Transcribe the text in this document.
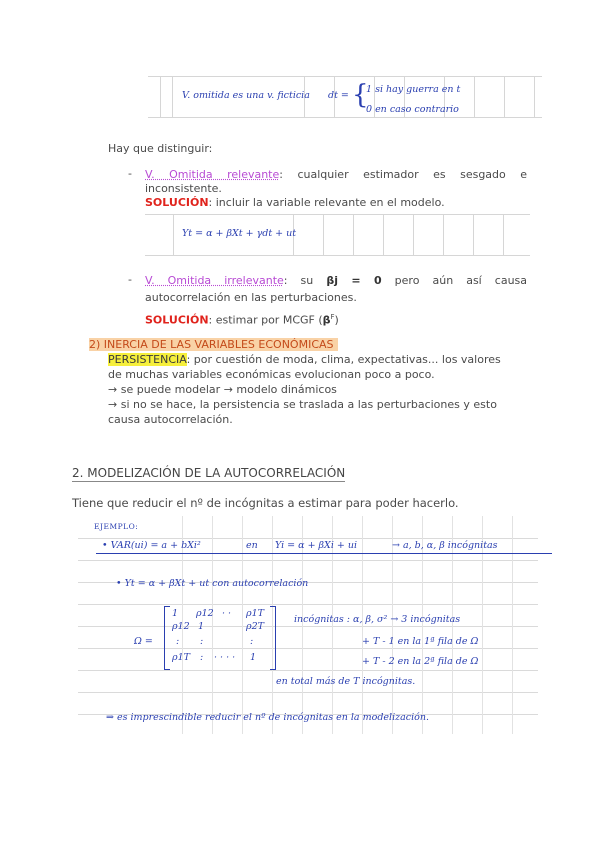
V. omitida es una v. ficticia dt = {
1 si hay guerra en t
0 en caso contrario
Hay que distinguir:
- V. Omitida relevante: cualquier estimador es sesgado e
inconsistente.
SOLUCIÓN: incluir la variable relevante en el modelo.
Yt = α + βXt + γdt + ut
- V. Omitida irrelevante: su βj = 0 pero aún así causa
autocorrelación en las perturbaciones.
SOLUCIÓN: estimar por MCGF $(\beta^F)$
2) INERCIA DE LAS VARIABLES ECONÓMICAS
PERSISTENCIA: por cuestión de moda, clima, expectativas... los valores
de muchas variables económicas evolucionan poco a poco.
→ se puede modelar → modelo dinámicos
→ si no se hace, la persistencia se traslada a las perturbaciones y esto
causa autocorrelación.
2. MODELIZACIÓN DE LA AUTOCORRELACIÓN
Tiene que reducir el nº de incógnitas a estimar para poder hacerlo.
EJEMPLO:
• VAR(ui) = a + bXi²	en Yi = α + βXi + ui	→ a, b, α, β incógnitas
• Yt = α + βXt + ut con autocorrelación
Ω =
1 ρ12 · · ρ1T
ρ12 1	ρ2T
: :	:
ρ1T : · · · · 1
incógnitas : α, β, σ² → 3 incógnitas
+ T - 1 en la 1ª fila de Ω
+ T - 2 en la 2ª fila de Ω
en total más de T incógnitas.
⇒ es imprescindible reducir el nº de incógnitas en la modelización.
